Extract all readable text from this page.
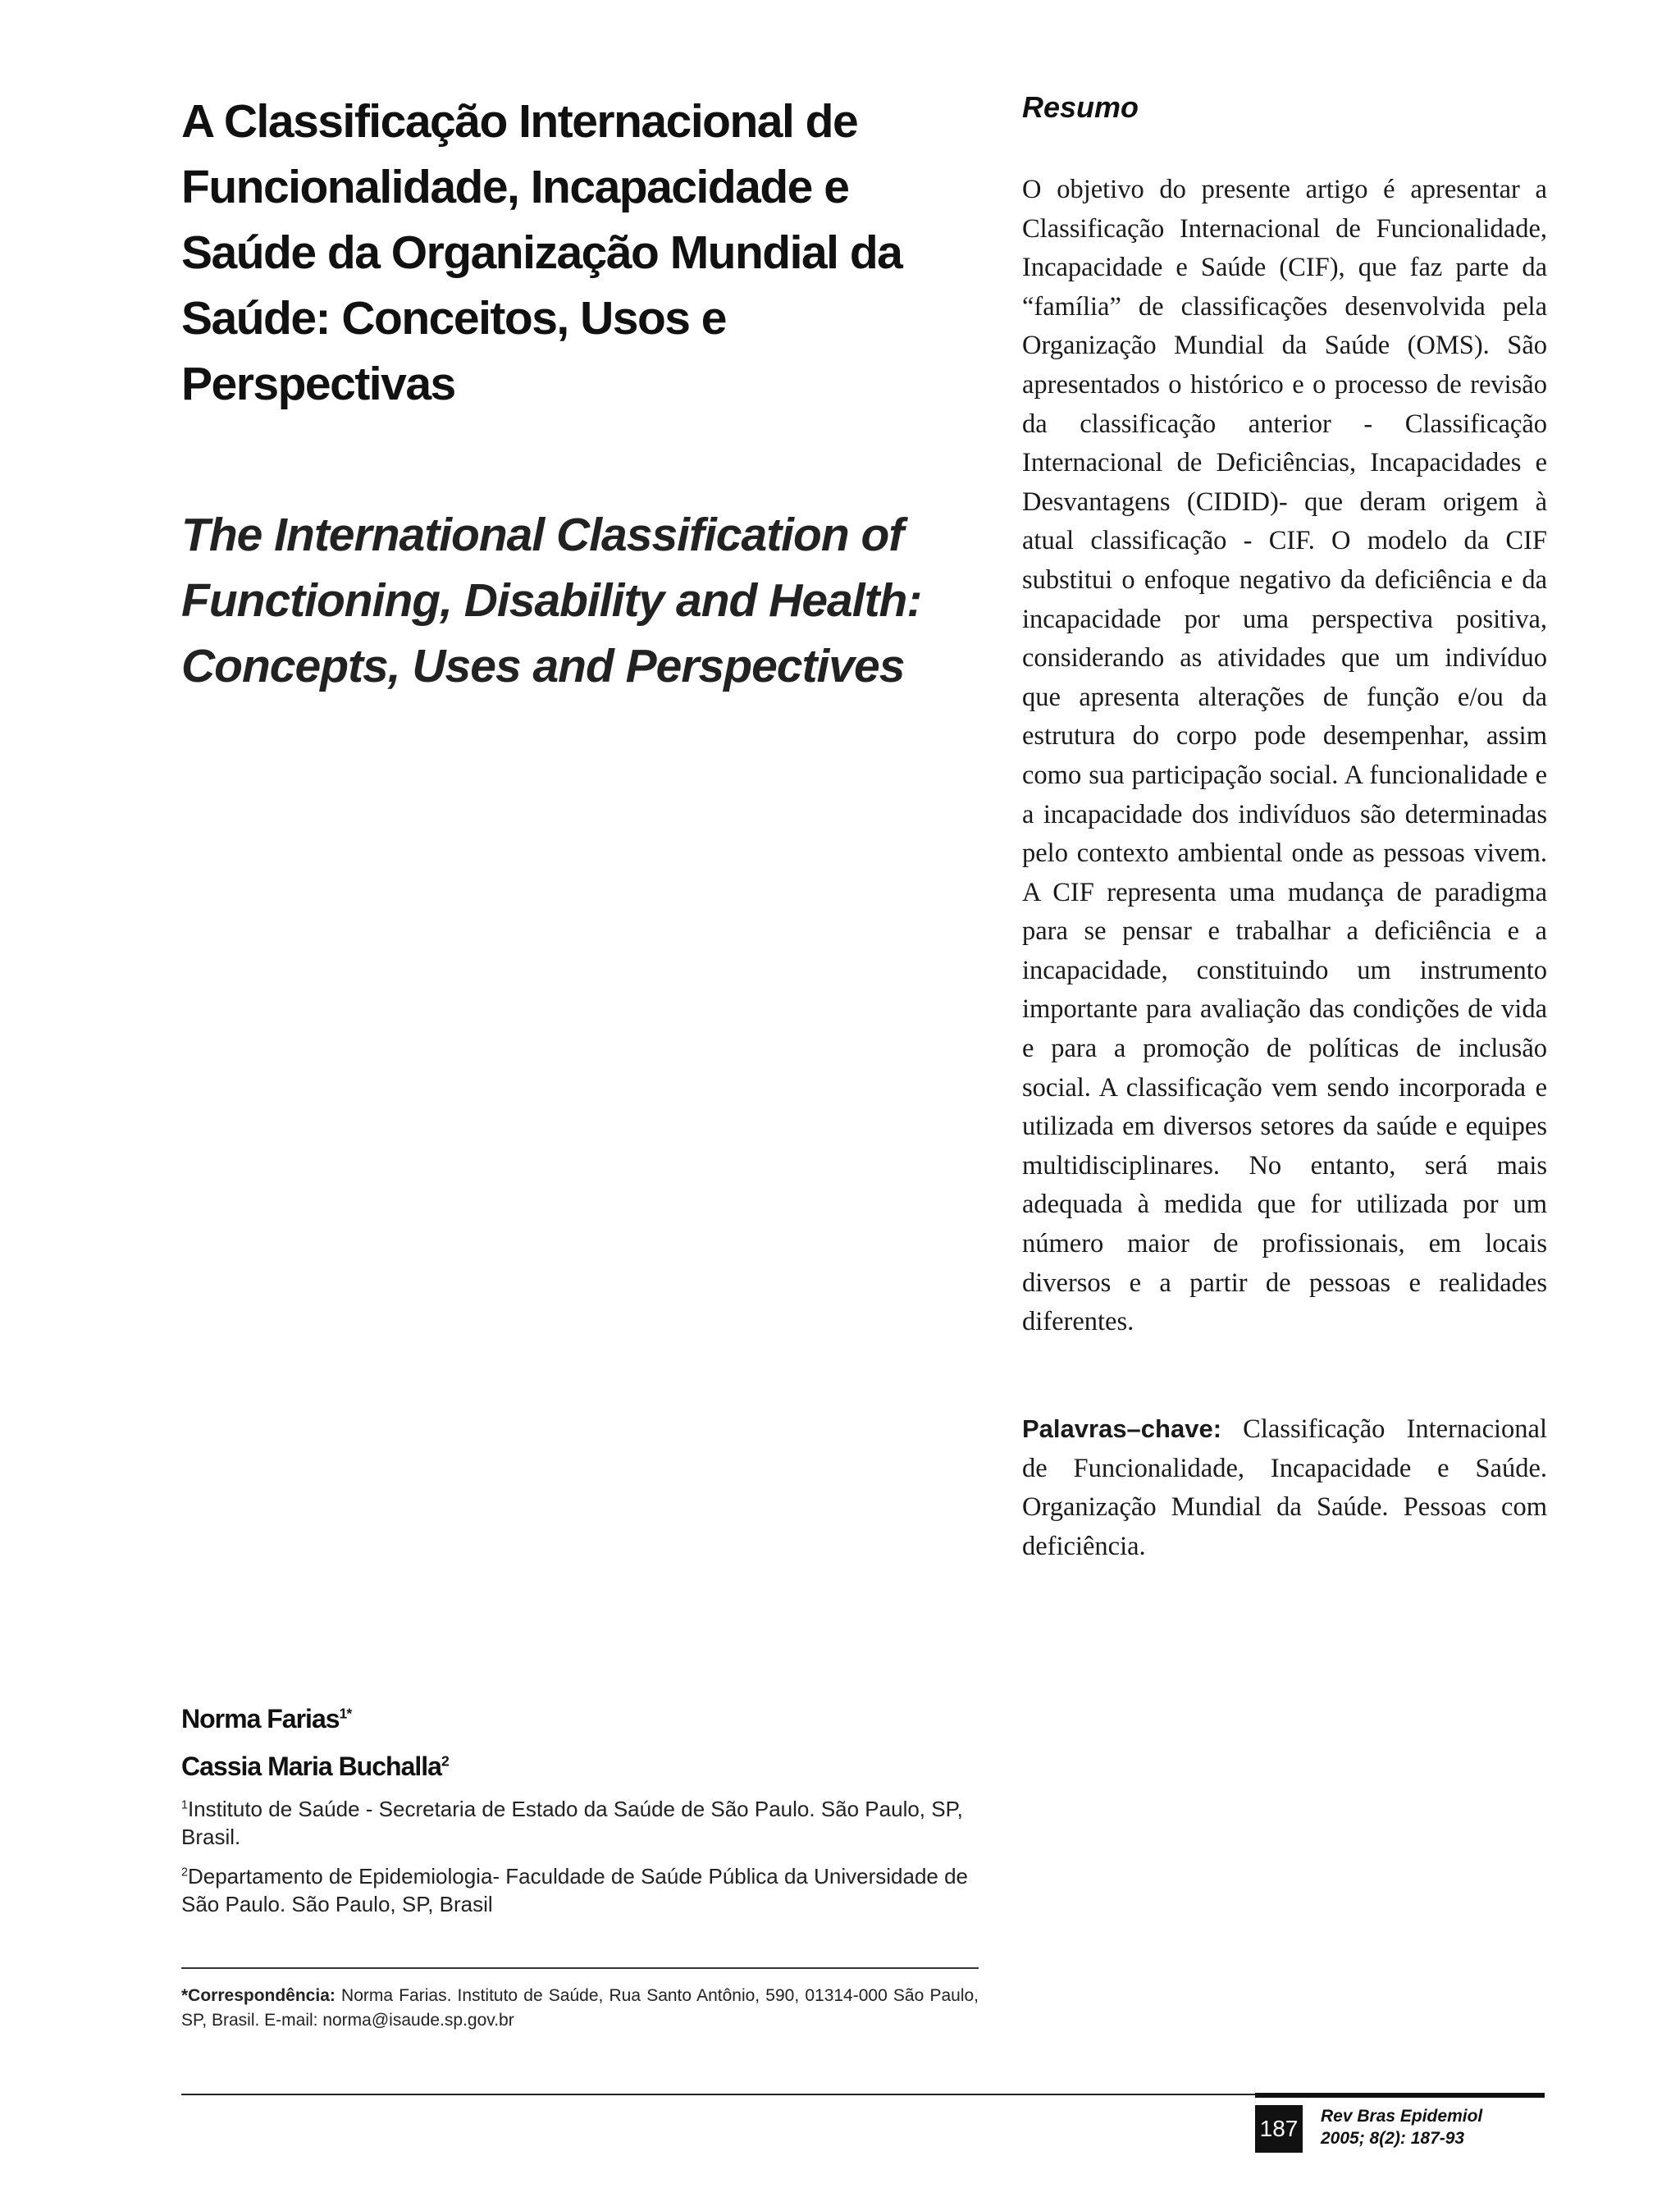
A Classificação Internacional de
Funcionalidade, Incapacidade e
Saúde da Organização Mundial da
Saúde: Conceitos, Usos e
Perspectivas
The International Classification of
Functioning, Disability and Health:
Concepts, Uses and Perspectives
Resumo

O objetivo do presente artigo é apresentar a Classificação Internacional de Funcionalidade, Incapacidade e Saúde (CIF), que faz parte da “família” de classificações desenvolvida pela Organização Mundial da Saúde (OMS). São apresentados o histórico e o processo de revisão da classificação anterior - Classificação Internacional de Deficiências, Incapacidades e Desvantagens (CIDID)- que deram origem à atual classificação - CIF. O modelo da CIF substitui o enfoque negativo da deficiência e da incapacidade por uma perspectiva positiva, considerando as atividades que um indivíduo que apresenta alterações de função e/ou da estrutura do corpo pode desempenhar, assim como sua participação social. A funcionalidade e a incapacidade dos indivíduos são determinadas pelo contexto ambiental onde as pessoas vivem. A CIF representa uma mudança de paradigma para se pensar e trabalhar a deficiência e a incapacidade, constituindo um instrumento importante para avaliação das condições de vida e para a promoção de políticas de inclusão social. A classificação vem sendo incorporada e utilizada em diversos setores da saúde e equipes multidisciplinares. No entanto, será mais adequada à medida que for utilizada por um número maior de profissionais, em locais diversos e a partir de pessoas e realidades diferentes.

Palavras–chave: Classificação Internacional de Funcionalidade, Incapacidade e Saúde. Organização Mundial da Saúde. Pessoas com deficiência.

Norma Farias$^{1*}$

Cassia Maria Buchalla$^2$

$^1$Instituto de Saúde - Secretaria de Estado da Saúde de São Paulo. São Paulo, SP, Brasil.

$^2$Departamento de Epidemiologia- Faculdade de Saúde Pública da Universidade de São Paulo. São Paulo, SP, Brasil

*Correspondência: Norma Farias. Instituto de Saúde, Rua Santo Antônio, 590, 01314-000 São Paulo, SP, Brasil. E-mail: norma@isaude.sp.gov.br

187 Rev Bras Epidemiol
2005; 8(2): 187-93
